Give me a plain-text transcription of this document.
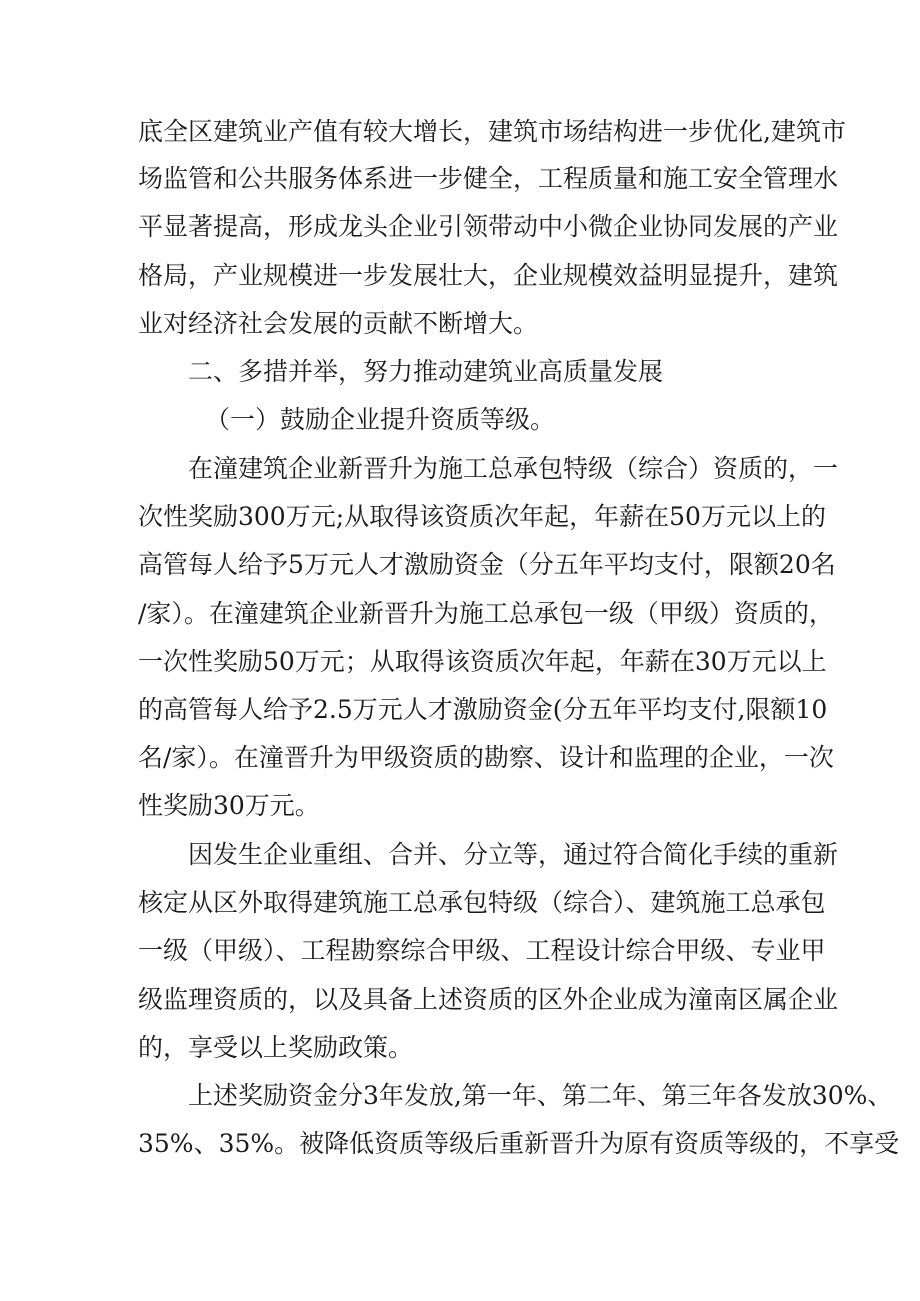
底全区建筑业产值有较大增长，建筑市场结构进一步优化,建筑市
场监管和公共服务体系进一步健全，工程质量和施工安全管理水
平显著提高，形成龙头企业引领带动中小微企业协同发展的产业
格局，产业规模进一步发展壮大，企业规模效益明显提升，建筑
业对经济社会发展的贡献不断增大。
二、多措并举，努力推动建筑业高质量发展
（一）鼓励企业提升资质等级。
在潼建筑企业新晋升为施工总承包特级（综合）资质的，一
次性奖励300万元;从取得该资质次年起，年薪在50万元以上的
高管每人给予5万元人才激励资金（分五年平均支付，限额20名
/家）。在潼建筑企业新晋升为施工总承包一级（甲级）资质的，
一次性奖励50万元；从取得该资质次年起，年薪在30万元以上
的高管每人给予2.5万元人才激励资金(分五年平均支付,限额10
名/家）。在潼晋升为甲级资质的勘察、设计和监理的企业，一次
性奖励30万元。
因发生企业重组、合并、分立等，通过符合简化手续的重新
核定从区外取得建筑施工总承包特级（综合）、建筑施工总承包
一级（甲级）、工程勘察综合甲级、工程设计综合甲级、专业甲
级监理资质的，以及具备上述资质的区外企业成为潼南区属企业
的，享受以上奖励政策。
上述奖励资金分3年发放,第一年、第二年、第三年各发放30%、
35%、35%。被降低资质等级后重新晋升为原有资质等级的，不享受
